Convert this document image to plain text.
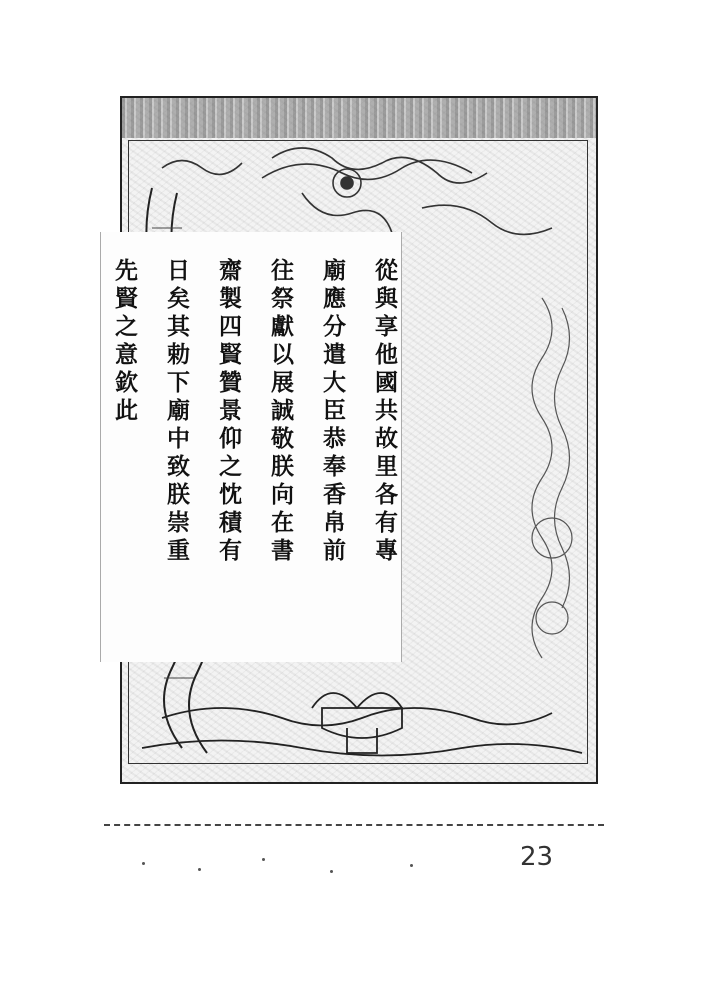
從與享他國共故里各有專
廟應分遣大臣恭奉香帛前
往祭獻以展誠敬朕向在書
齋製四賢贊景仰之忱積有
日矣其勅下廟中致朕崇重
先賢之意欽此
23
